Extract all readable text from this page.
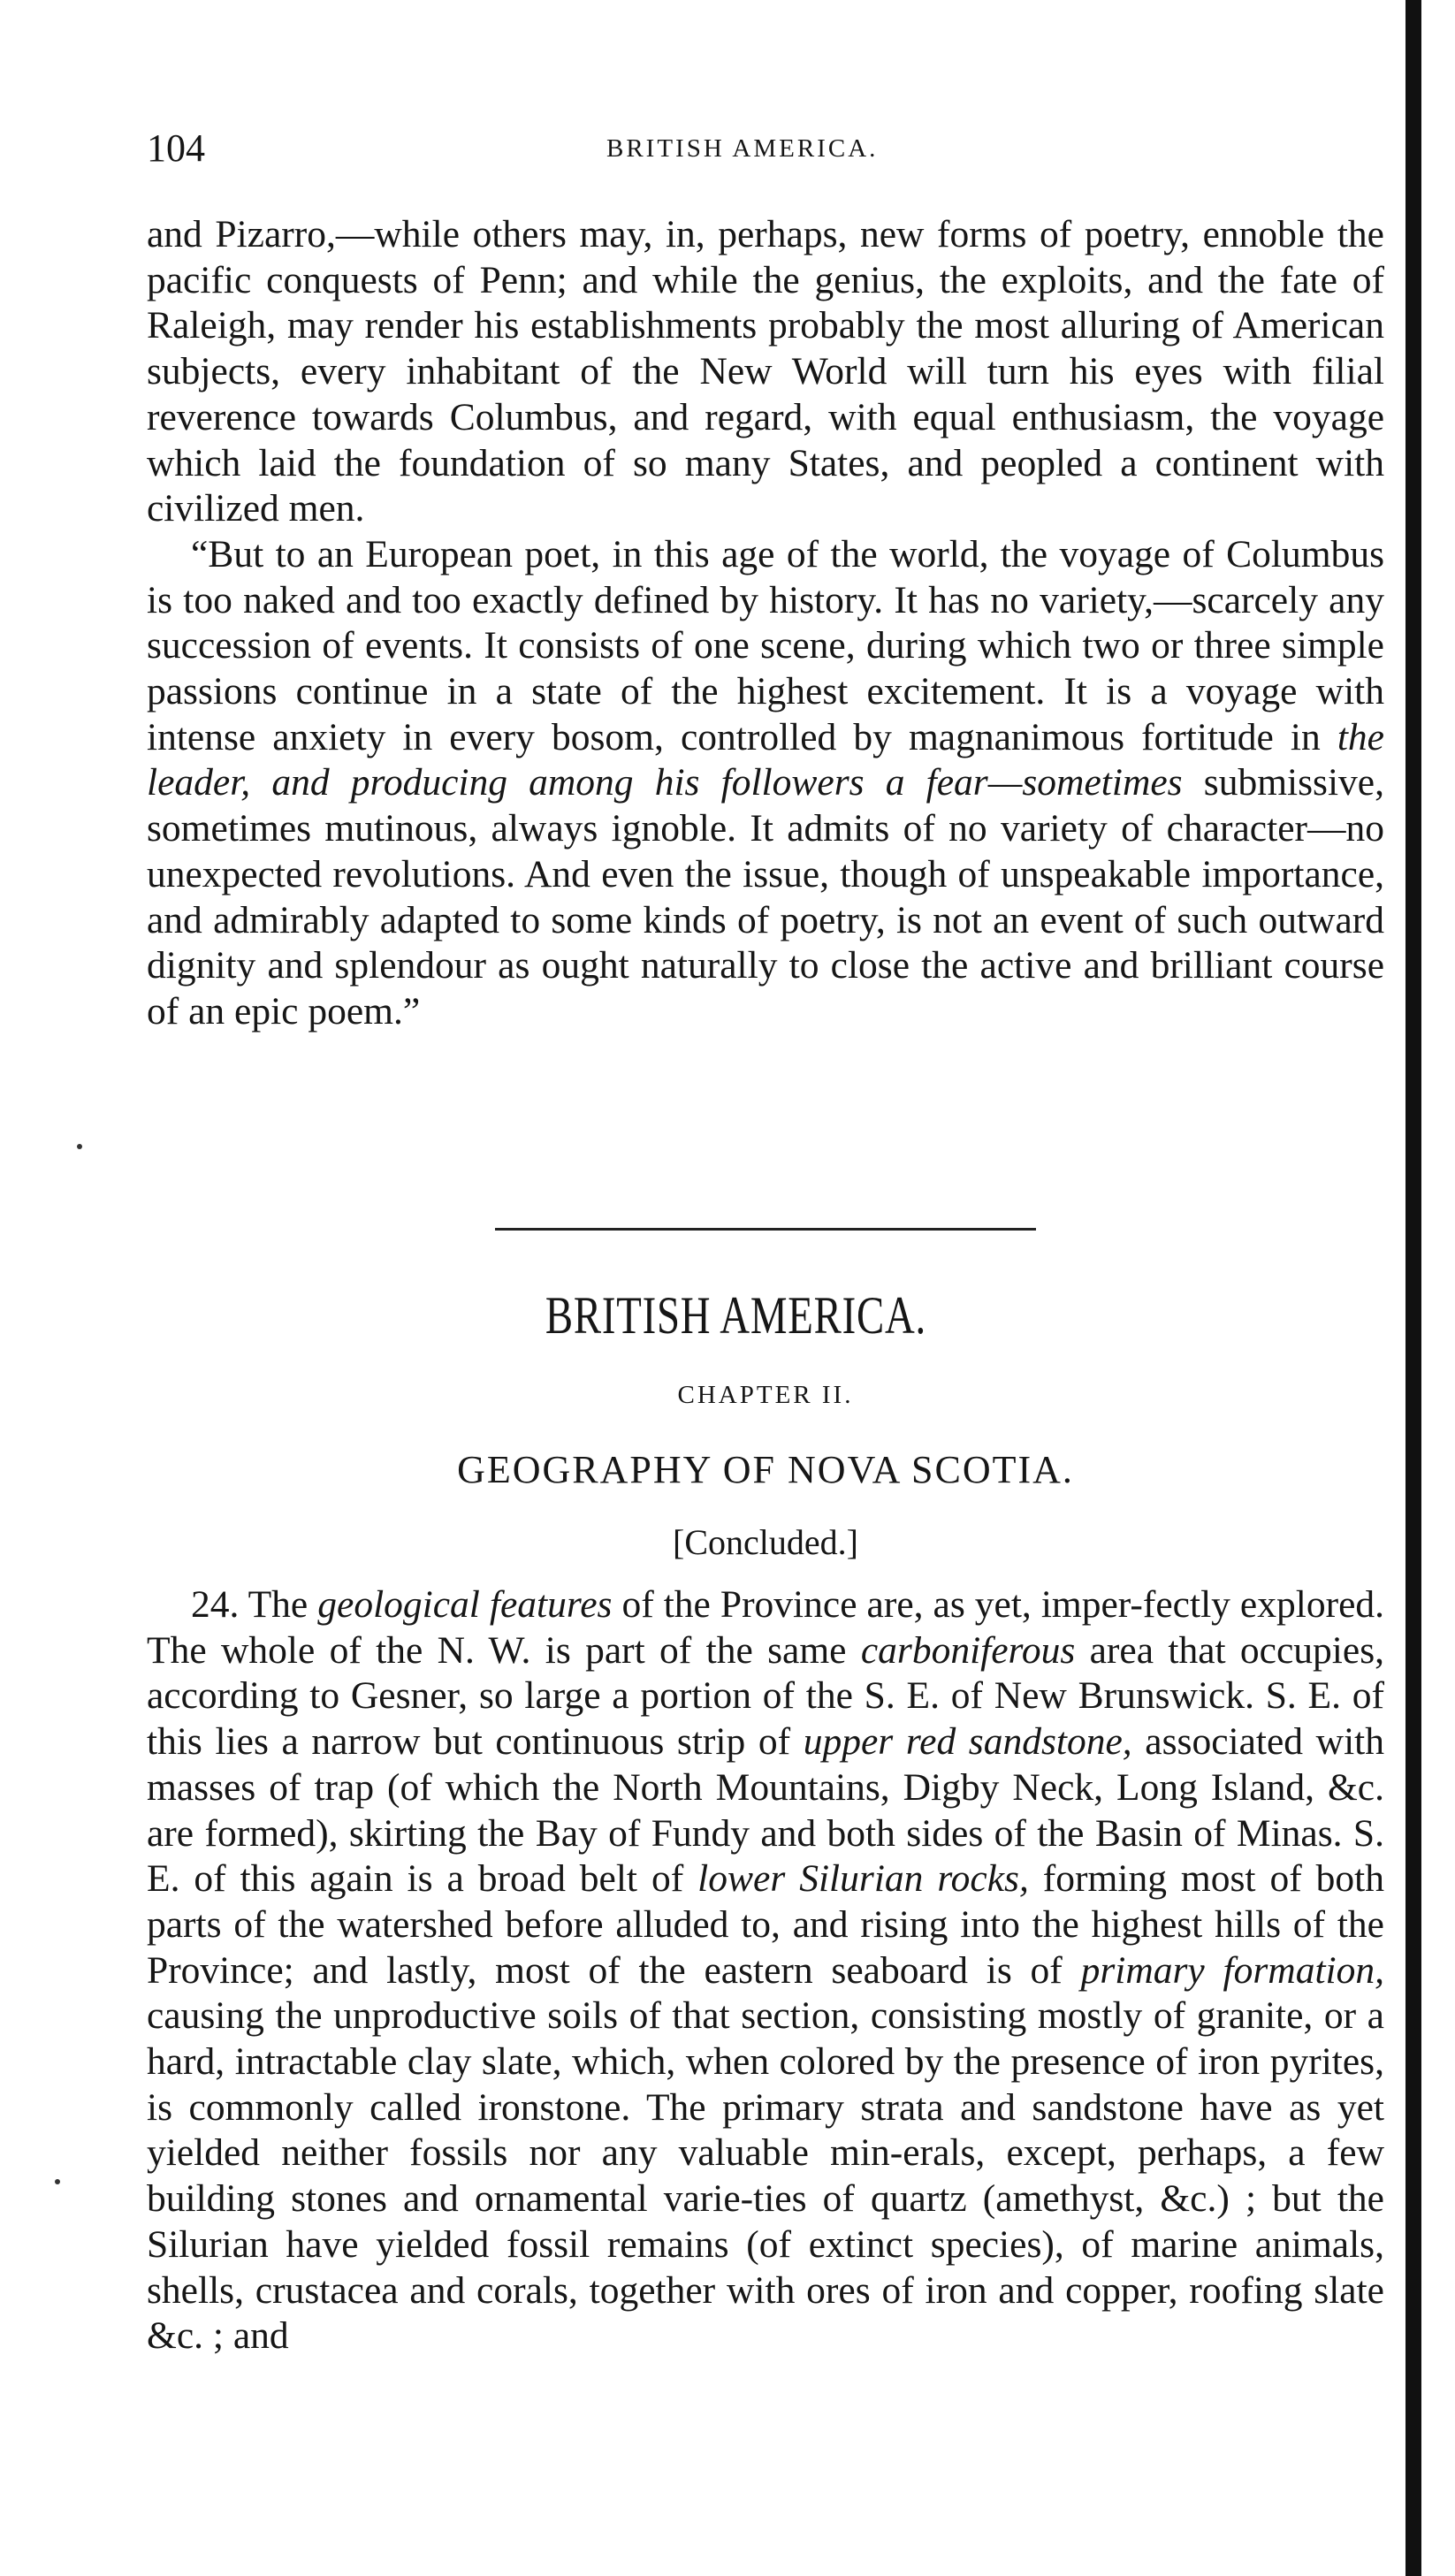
104	BRITISH AMERICA.

and Pizarro,—while others may, in, perhaps, new forms of poetry, ennoble the pacific conquests of Penn; and while the genius, the exploits, and the fate of Raleigh, may render his establishments probably the most alluring of American subjects, every inhabitant of the New World will turn his eyes with filial reverence towards Columbus, and regard, with equal enthusiasm, the voyage which laid the foundation of so many States, and peopled a continent with civilized men.

“But to an European poet, in this age of the world, the voyage of Columbus is too naked and too exactly defined by history. It has no variety,—scarcely any succession of events. It consists of one scene, during which two or three simple passions continue in a state of the highest excitement. It is a voyage with intense anxiety in every bosom, controlled by magnanimous fortitude in the leader, and producing among his followers a fear—sometimes submissive, sometimes mutinous, always ignoble. It admits of no variety of character—no unexpected revolutions. And even the issue, though of unspeakable importance, and admirably adapted to some kinds of poetry, is not an event of such outward dignity and splendour as ought naturally to close the active and brilliant course of an epic poem.”

BRITISH AMERICA.
CHAPTER II.
GEOGRAPHY OF NOVA SCOTIA.
[Concluded.]

24. The geological features of the Province are, as yet, imper-fectly explored. The whole of the N. W. is part of the same carboniferous area that occupies, according to Gesner, so large a portion of the S. E. of New Brunswick. S. E. of this lies a narrow but continuous strip of upper red sandstone, associated with masses of trap (of which the North Mountains, Digby Neck, Long Island, &c. are formed), skirting the Bay of Fundy and both sides of the Basin of Minas. S. E. of this again is a broad belt of lower Silurian rocks, forming most of both parts of the watershed before alluded to, and rising into the highest hills of the Province; and lastly, most of the eastern seaboard is of primary formation, causing the unproductive soils of that section, consisting mostly of granite, or a hard, intractable clay slate, which, when colored by the presence of iron pyrites, is commonly called ironstone. The primary strata and sandstone have as yet yielded neither fossils nor any valuable min-erals, except, perhaps, a few building stones and ornamental varie-ties of quartz (amethyst, &c.) ; but the Silurian have yielded fossil remains (of extinct species), of marine animals, shells, crustacea and corals, together with ores of iron and copper, roofing slate &c. ; and
